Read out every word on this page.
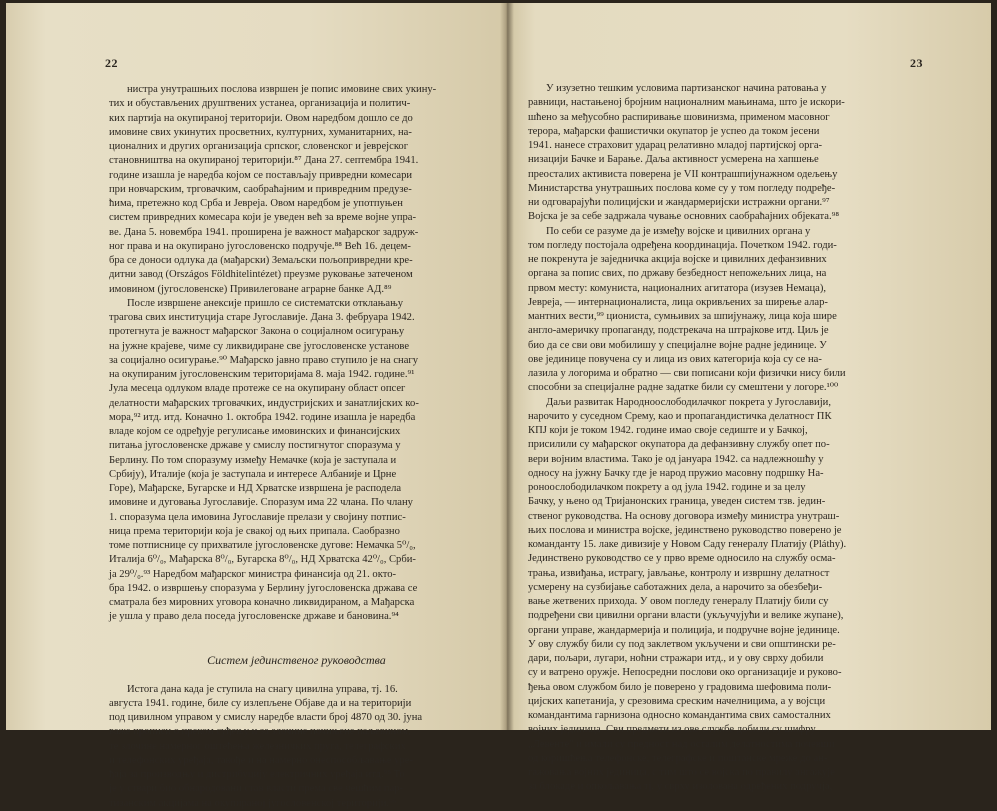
22
нистра унутрашњих послова извршен је попис имовине свих укину-
тих и обустављених друштвених устанеа, организација и политич-
ких партија на окупираној територији. Овом наредбом дошло се до
имовине свих укинутих просветних, културних, хуманитарних, на-
ционалних и других организација српског, словенског и јеврејског
становништва на окупираној територији.⁸⁷ Дана 27. септембра 1941.
године изашла је наредба којом се постављају привредни комесари
при новчарским, трговачким, саобраћајним и привредним предузе-
ћима, претежно код Срба и Јевреја. Овом наредбом је употпуњен
систем привредних комесара који је уведен већ за време војне упра-
ве. Дана 5. новембра 1941. проширена је важност мађарског задруж-
ног права и на окупирано југословенско подручје.⁸⁸ Већ 16. децем-
бра се доноси одлука да (мађарски) Земаљски пољопривредни кре-
дитни завод (Országos Földhitelintézet) преузме руковање затеченом
имовином (југословенске) Привилеговане аграрне банке АД.⁸⁹
После извршене анексије пришло се систематски отклањању
трагова свих институција старе Југославије. Дана 3. фебруара 1942.
протегнута је важност мађарског Закона о социјалном осигурању
на јужне крајеве, чиме су ликвидиране све југословенске установе
за социјално осигурање.⁹⁰ Мађарско јавно право ступило је на снагу
на окупираним југословенским територијама 8. маја 1942. године.⁹¹
Јула месеца одлуком владе протеже се на окупирану област опсег
делатности мађарских трговачких, индустријских и занатлијских ко-
мора,⁹² итд. итд. Коначно 1. октобра 1942. године изашла је наредба
владе којом се одређује регулисање имовинских и финансијских
питања југословенске државе у смислу постигнутог споразума у
Берлину. По том споразуму између Немачке (која је заступала и
Србију), Италије (која је заступала и интересе Албаније и Црне
Горе), Мађарске, Бугарске и НД Хрватске извршена је расподела
имовине и дуговања Југославије. Споразум има 22 члана. По члану
1. споразума цела имовина Југославије прелази у својину потпис-
ница према територији која је свакој од њих припала. Сaобразно
томе потписнице су прихватиле југословенске дугове: Немачка 5⁰/₀,
Италија 6⁰/₀, Мађарска 8⁰/₀, Бугарска 8⁰/₀, НД Хрватска 42⁰/₀, Срби-
ја 29⁰/₀.⁹³ Наредбом мађарског министра финансија од 21. окто-
бра 1942. о извршењу споразума у Берлину југословенска држава се
сматрала без мировних уговора коначно ликвидираном, а Мађарска
је ушла у право дела поседа југословенске државе и бановина.⁹⁴
Систем јединственог руководства
Истога дана када је ступила на снагу цивилна управа, тј. 16.
августа 1941. године, биле су излепљене Објаве да и на територији
под цивилном управом у смислу наредбе власти број 4870 од 30. јуна
важе прописи о преком суђењу и за злочине почињене паљевином,
те злочине намерног оштећења железничких пруга, телеграфских
и телефонских уређаја, такође и на намерно онеспособљавање уре-
ђаја за производњу и дистрибуцију електричних уређаја итд.⁹⁵ То
је у ствари био обнародовани став власти према све чешћим пар-
тизанским акцијама на окупираној југословенској територији.⁹⁶
23
У изузетно тешким условима партизанског начина ратовања у
равници, настањеној бројним националним мањинама, што је искори-
шћено за међусобно распиривање шовинизма, применом масовног
терора, мађарски фашистички окупатор је успео да током јесени
1941. нанесе страховит ударац релативно младој партијској орга-
низацији Бачке и Барање. Даља активност усмерена на хапшење
преосталих активиста поверена је VII контрашпијунажном одељењу
Министарства унутрашњих послова коме су у том погледу подређе-
ни одговарајући полицијски и жандармеријски истражни органи.⁹⁷
Војска је за себе задржала чување основних саобраћајних објеката.⁹⁸
По себи се разуме да је између војске и цивилних органа у
том погледу постојала одређена координација. Почетком 1942. годи-
не покренута је заједничка акција војске и цивилних дефанзивних
органа за попис свих, по државу безбедност непожељних лица, на
првом месту: комуниста, националних агитатора (изузев Немаца),
Јевреја, — интернационалиста, лица окривљених за ширење алар-
мантних вести,⁹⁹ циониста, сумњивих за шпијунажу, лица која шире
англо-америчку пропаганду, подстрекача на штрајкове итд. Циљ је
био да се сви ови мобилишу у специјалне војне радне јединице. У
ове јединице повучена су и лица из ових категорија која су се на-
лазила у логорима и обратно — сви пописани који физички нису били
способни за специјалне радне задатке били су смештени у логоре.¹⁰⁰
Даљи развитак Народноослободилачког покрета у Југославији,
нарочито у суседном Срему, као и пропагандистичка делатност ПК
КПЈ који је током 1942. године имао своје седиште и у Бачкој,
присилили су мађарског окупатора да дефанзивну службу опет по-
вери војним властима. Тако је од јануара 1942. са надлежношћу у
односу на јужну Бачку где је народ пружио масовну подршку На-
роноослободилачком покрету а од јула 1942. године и за целу
Бачку, у њено од Тријанонских граница, уведен систем тзв. једин-
ственог руководства. На основу договора између министра унутраш-
њих послова и министра војске, јединствено руководство поверено је
команданту 15. лаке дивизије у Новом Саду генералу Платију (Pláthy).
Јединствено руководство се у прво време односило на службу осма-
трања, извиђања, истрагу, јављање, контролу и извршну делатност
усмерену на сузбијање саботажних дела, а нарочито за обезбеђи-
вање жетвених прихода. У овом погледу генералу Платију били су
подређени сви цивилни органи власти (укључујући и велике жупане),
органи управе, жандармерија и полиција, и подручне војне јединице.
У ову службу били су под заклетвом укључени и сви општински ре-
дари, пољари, лугари, ноћни стражари итд., и у ову сврху добили
су и ватрено оружје. Непосредни послови око организације и руково-
ђења овом службом било је поверено у градовима шефовима поли-
цијских капетанија, у срезовима среским начелницима, а у војсци
командантима гарнизона односно командантима свих самосталних
војних јединица. Сви предмети из ове службе добили су шифру
„Левенте" и имали су предност над осталим делатностима почевши
од коришћења телефонске, телеграфске и поштанске мреже до ан-
гажовања војних јединица, с тим што се војска по правилу ангажује
за блокаде и опкољавања тј. у сврху изолована одређених подручја,
